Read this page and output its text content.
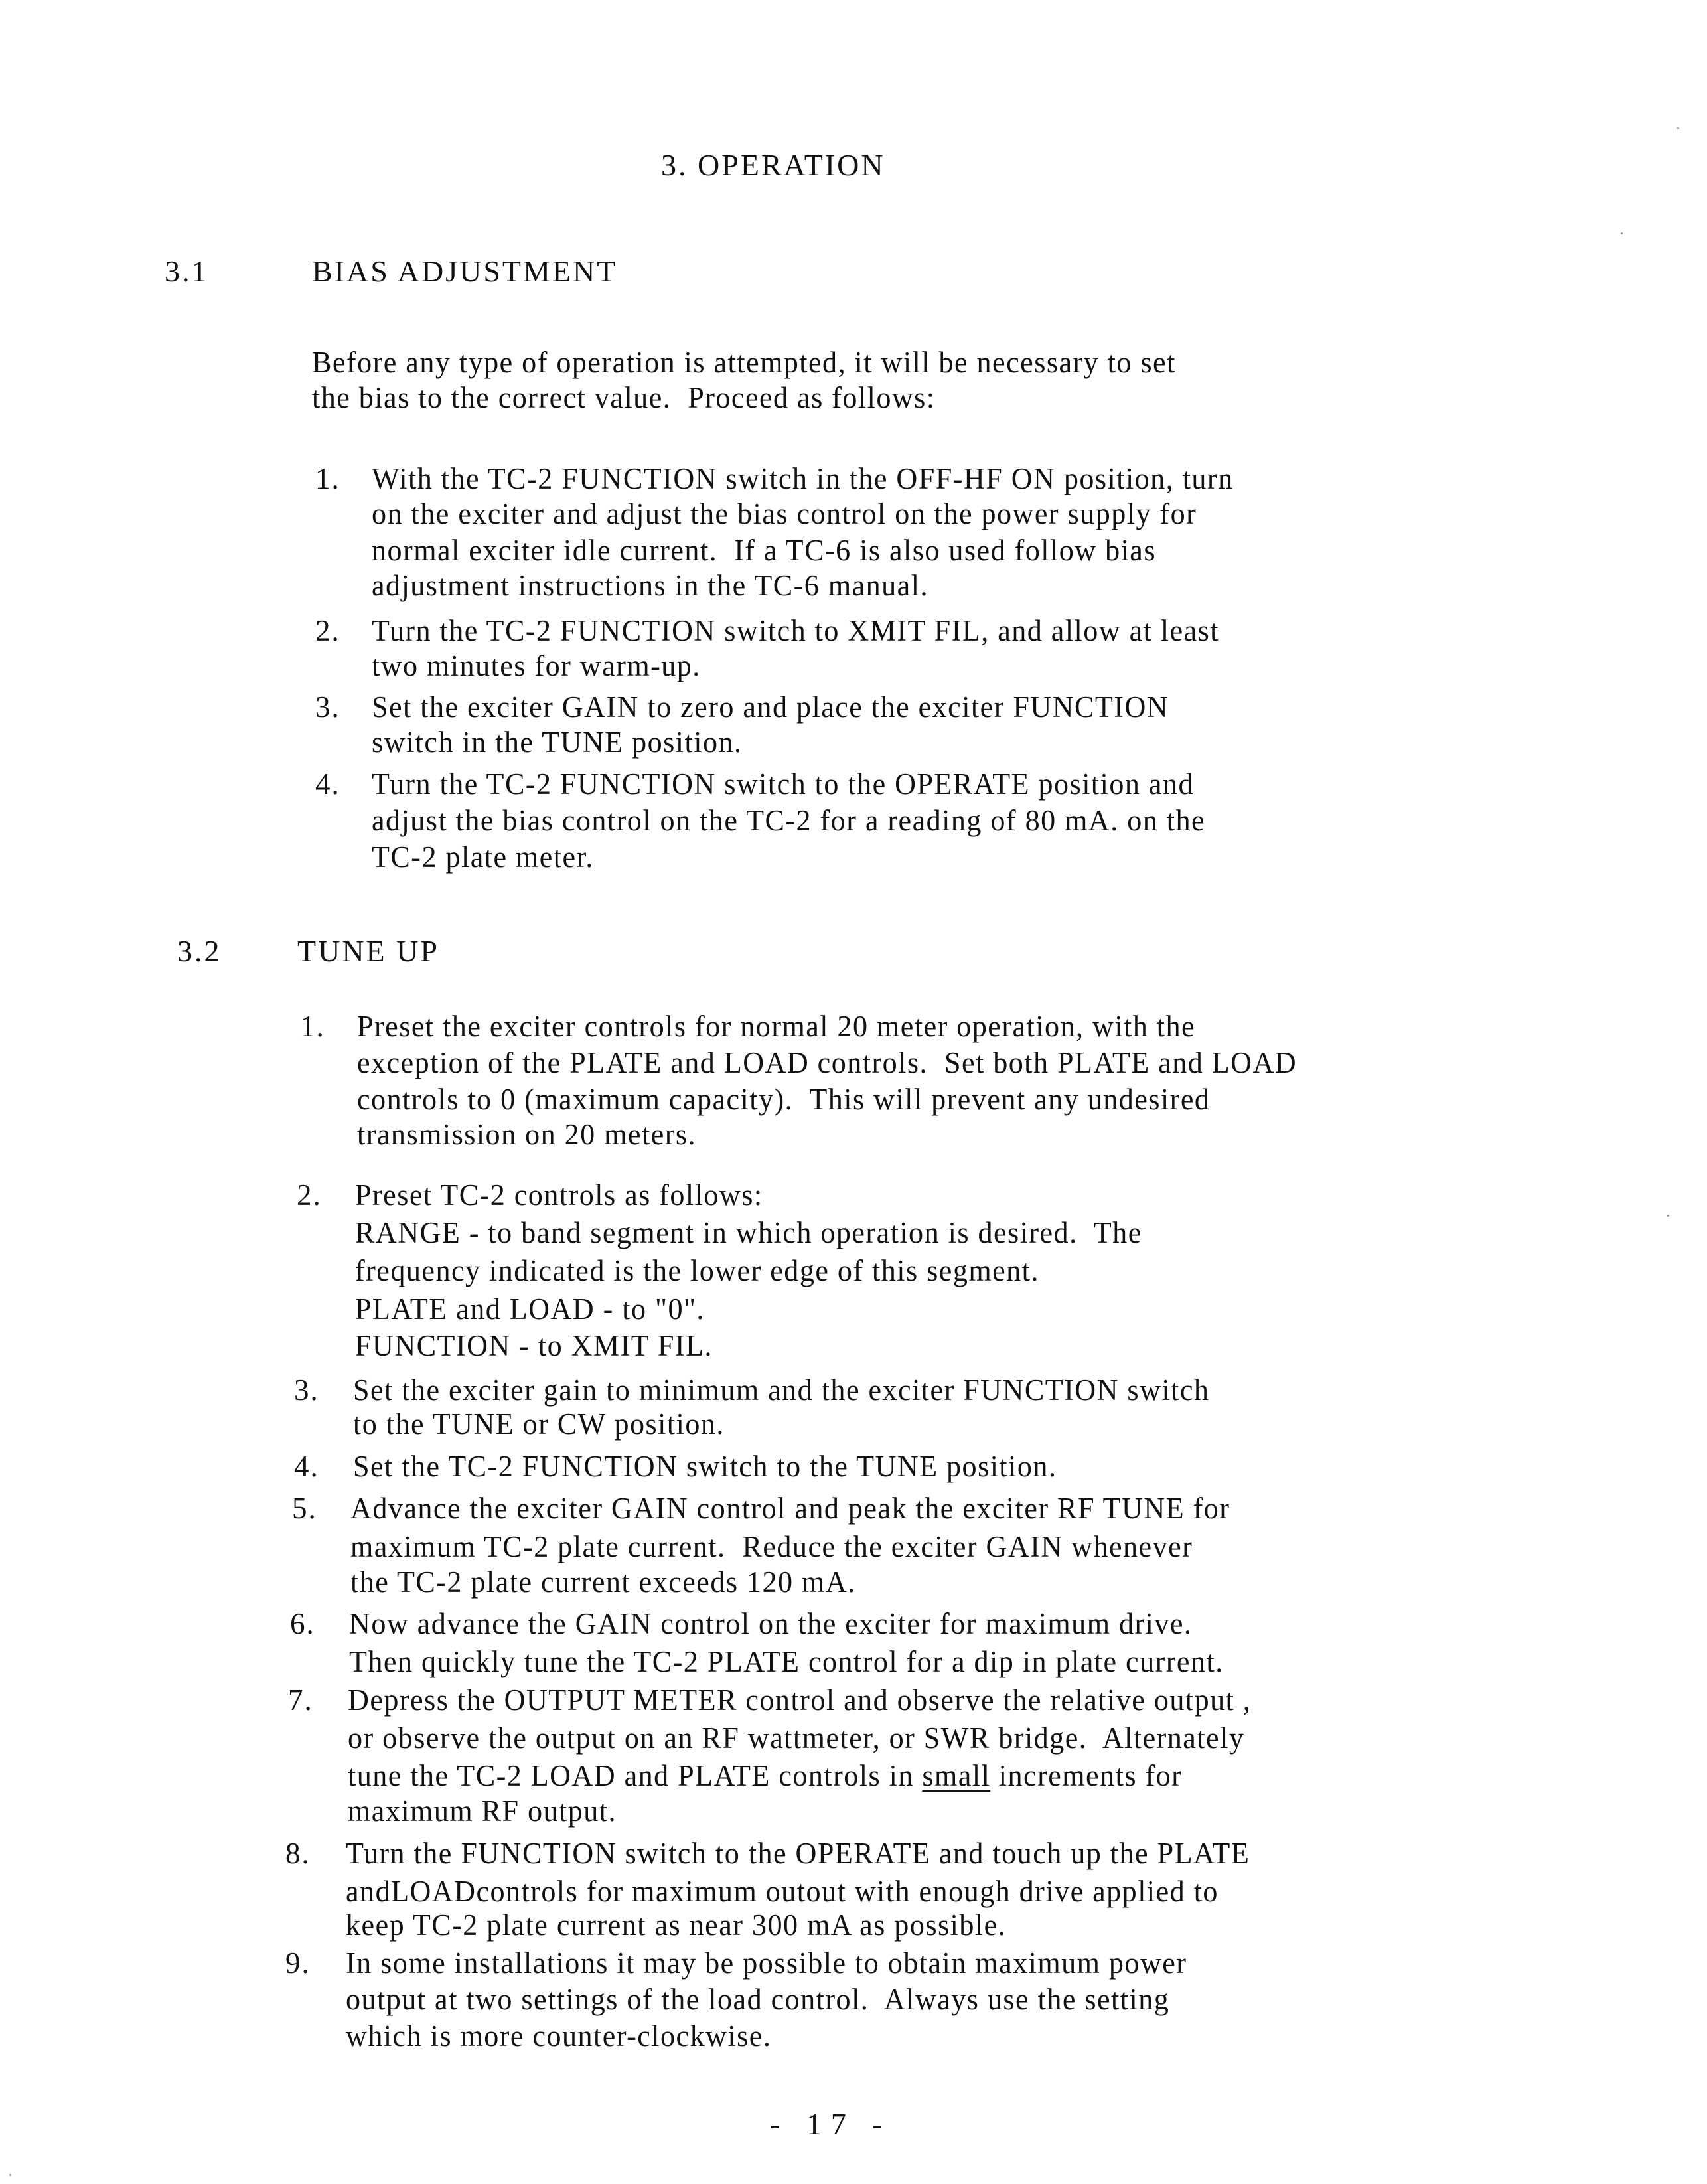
3. OPERATION
3.1	BIAS ADJUSTMENT
Before any type of operation is attempted, it will be necessary to set
the bias to the correct value.  Proceed as follows:
1. With the TC-2 FUNCTION switch in the OFF-HF ON position, turn
on the exciter and adjust the bias control on the power supply for
normal exciter idle current.  If a TC-6 is also used follow bias
adjustment instructions in the TC-6 manual.
2. Turn the TC-2 FUNCTION switch to XMIT FIL, and allow at least
two minutes for warm-up.
3. Set the exciter GAIN to zero and place the exciter FUNCTION
switch in the TUNE position.
4. Turn the TC-2 FUNCTION switch to the OPERATE position and
adjust the bias control on the TC-2 for a reading of 80 mA. on the
TC-2 plate meter.
3.2 TUNE UP
1. Preset the exciter controls for normal 20 meter operation, with the
exception of the PLATE and LOAD controls.  Set both PLATE and LOAD
controls to 0 (maximum capacity).  This will prevent any undesired
transmission on 20 meters.
2. Preset TC-2 controls as follows:
RANGE - to band segment in which operation is desired.  The
frequency indicated is the lower edge of this segment.
PLATE and LOAD - to "0".
FUNCTION - to XMIT FIL.
3. Set the exciter gain to minimum and the exciter FUNCTION switch
to the TUNE or CW position.
4. Set the TC-2 FUNCTION switch to the TUNE position.
5. Advance the exciter GAIN control and peak the exciter RF TUNE for
maximum TC-2 plate current.  Reduce the exciter GAIN whenever
the TC-2 plate current exceeds 120 mA.
6. Now advance the GAIN control on the exciter for maximum drive.
Then quickly tune the TC-2 PLATE control for a dip in plate current.
7. Depress the OUTPUT METER control and observe the relative output ,
or observe the output on an RF wattmeter, or SWR bridge.  Alternately
tune the TC-2 LOAD and PLATE controls in small increments for
maximum RF output.
8. Turn the FUNCTION switch to the OPERATE and touch up the PLATE
andLOADcontrols for maximum outout with enough drive applied to
keep TC-2 plate current as near 300 mA as possible.
9. In some installations it may be possible to obtain maximum power
output at two settings of the load control.  Always use the setting
which is more counter-clockwise.
- 17 -
